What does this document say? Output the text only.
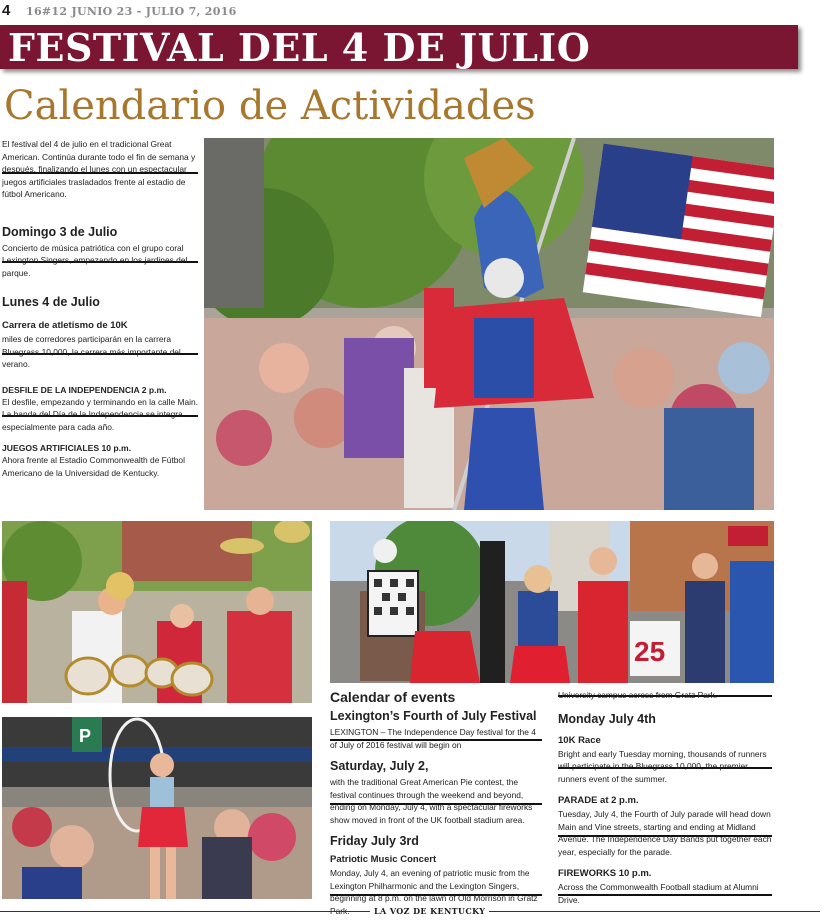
4 16#12 JUNIO 23 - JULIO 7, 2016
FESTIVAL DEL 4 DE JULIO
Calendario de Actividades

El festival del 4 de julio en el tradicional Great American. Continúa durante todo el fin de semana y después, finalizando el lunes con un espectacular juegos artificiales trasladados frente al estadio de fútbol Americano.

Domingo 3 de Julio

Concierto de música patriótica con el grupo coral Lexington Singers, empezando en los jardines del parque.

Lunes 4 de Julio
Carrera de atletismo de 10K

miles de corredores participarán en la carrera Bluegrass 10,000, la carrera más importante del verano.

DESFILE DE LA INDEPENDENCIA 2 p.m.

El desfile, empezando y terminando en la calle Main. La banda del Día de la Independencia se integra especialmente para cada año.

JUEGOS ARTIFICIALES 10 p.m.

Ahora frente al Estadio Commonwealth de Fútbol Americano de la Universidad de Kentucky.

25
P
Calendar of events
Lexington’s Fourth of July Festival

LEXINGTON – The Independence Day festival for the 4 of July of 2016 festival will begin on

Saturday, July 2,

with the traditional Great American Pie contest, the festival continues through the weekend and beyond, ending on Monday, July 4, with a spectacular fireworks show moved in front of the UK football stadium area.

Friday July 3rd
Patriotic Music Concert

Monday, July 4, an evening of patriotic music from the Lexington Philharmonic and the Lexington Singers, beginning at 8 p.m. on the lawn of Old Morrison in Gratz

University campus across from Gratz Park.

Monday July 4th
10K Race

Bright and early Tuesday morning, thousands of runners will participate in the Bluegrass 10,000, the premier runners event of the summer.

PARADE at 2 p.m.

Tuesday, July 4, the Fourth of July parade will head down Main and Vine streets, starting and ending at Midland Avenue. The Independence Day Bands put together each year, especially for the parade.

FIREWORKS 10 p.m.

Across the Commonwealth Football stadium at Alumni Drive.

LA VOZ DE KENTUCKY
